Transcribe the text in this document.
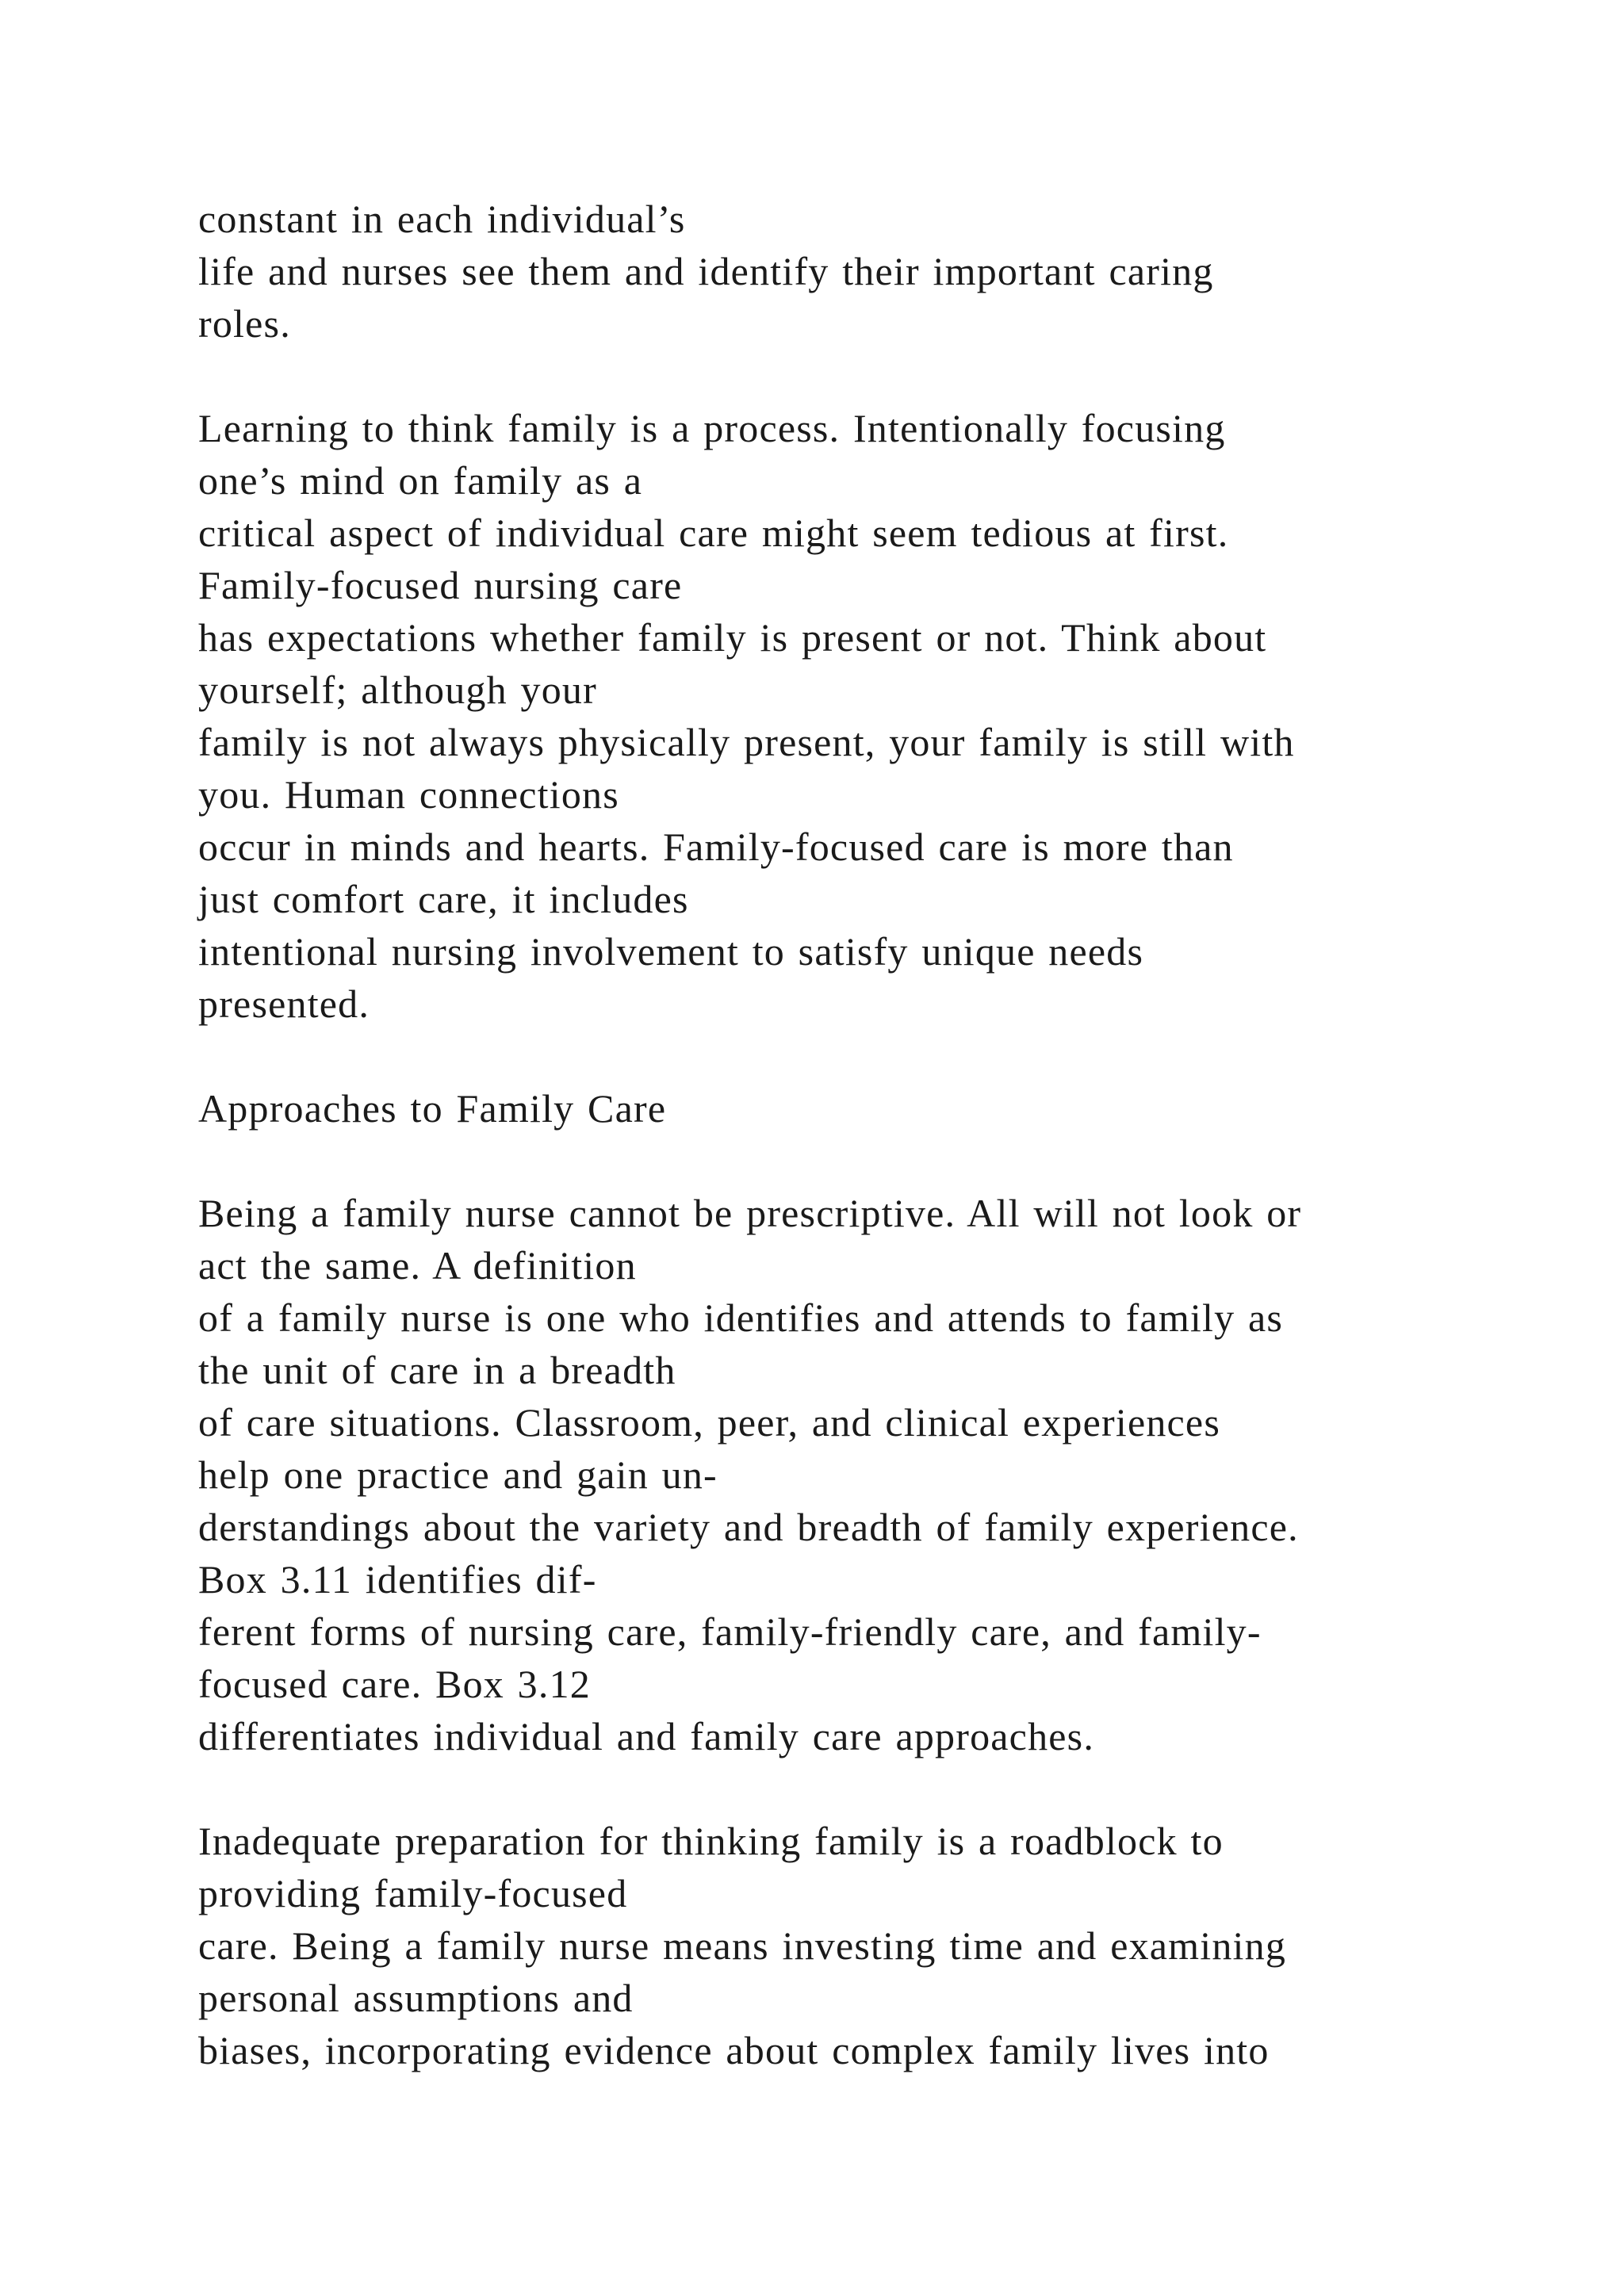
constant in each individual’s
life and nurses see them and identify their important caring
roles.
Learning to think family is a process. Intentionally focusing
one’s mind on family as a
critical aspect of individual care might seem tedious at first.
Family-focused nursing care
has expectations whether family is present or not. Think about
yourself; although your
family is not always physically present, your family is still with
you. Human connections
occur in minds and hearts. Family-focused care is more than
just comfort care, it includes
intentional nursing involvement to satisfy unique needs
presented.
Approaches to Family Care
Being a family nurse cannot be prescriptive. All will not look or
act the same. A definition
of a family nurse is one who identifies and attends to family as
the unit of care in a breadth
of care situations. Classroom, peer, and clinical experiences
help one practice and gain un-
derstandings about the variety and breadth of family experience.
Box 3.11 identifies dif-
ferent forms of nursing care, family-friendly care, and family-
focused care. Box 3.12
differentiates individual and family care approaches.
Inadequate preparation for thinking family is a roadblock to
providing family-focused
care. Being a family nurse means investing time and examining
personal assumptions and
biases, incorporating evidence about complex family lives into
